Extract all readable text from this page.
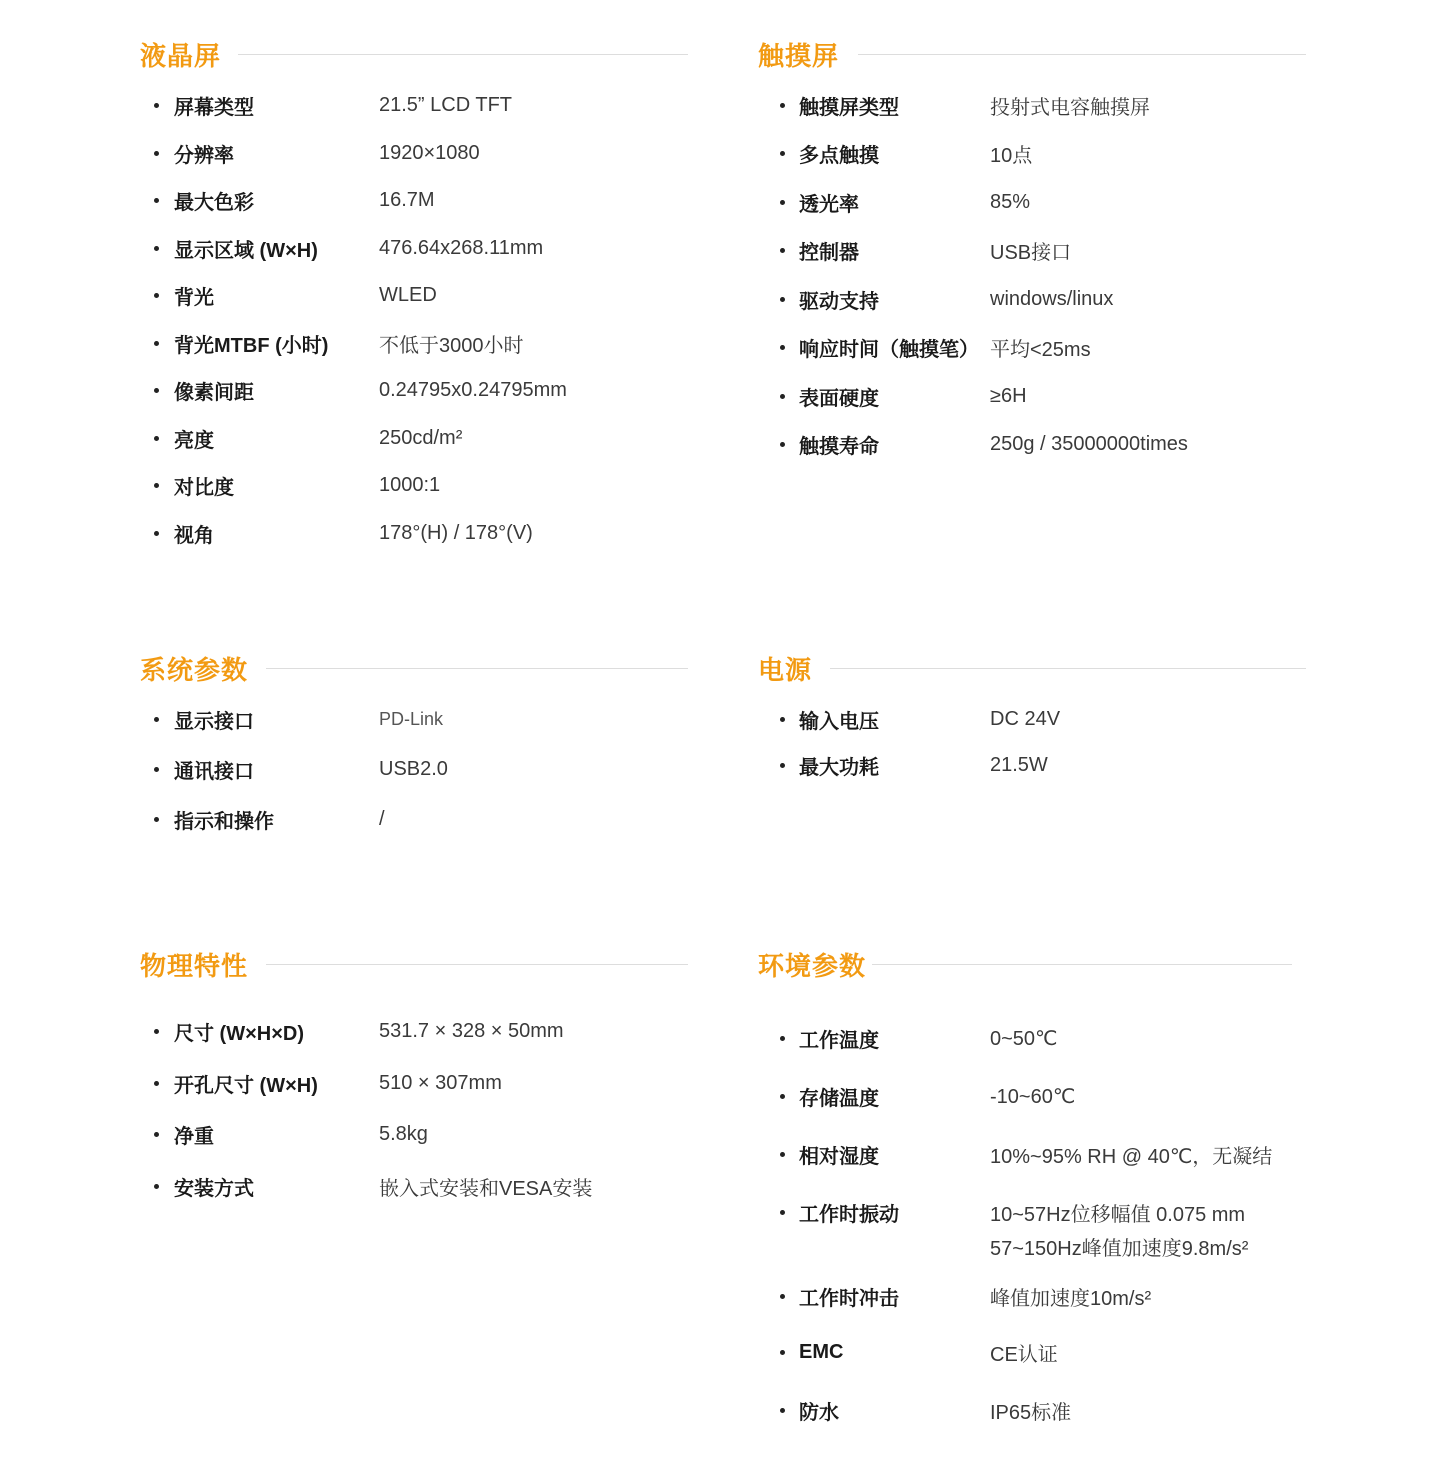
液晶屏
屏幕类型	21.5” LCD TFT
分辨率	1920×1080
最大色彩	16.7M
显示区域 (W×H)	476.64x268.11mm
背光	WLED
背光MTBF (小时)	不低于3000小时
像素间距	0.24795x0.24795mm
亮度	250cd/m²
对比度	1000:1
视角	178°(H) / 178°(V)
触摸屏
触摸屏类型	投射式电容触摸屏
多点触摸	10点
透光率	85%
控制器	USB接口
驱动支持	windows/linux
响应时间（触摸笔） 平均<25ms
表面硬度	≥6H
触摸寿命	250g / 35000000times
系统参数
显示接口	PD-Link
通讯接口	USB2.0
指示和操作	/
电源
输入电压	DC 24V
最大功耗	21.5W
物理特性
尺寸 (W×H×D)	531.7 × 328 × 50mm
开孔尺寸 (W×H)	510 × 307mm
净重	5.8kg
安装方式	嵌入式安装和VESA安装
环境参数
工作温度	0~50℃
存储温度	-10~60℃
相对湿度	10%~95% RH @ 40℃，无凝结
工作时振动	10~57Hz位移幅值 0.075 mm
57~150Hz峰值加速度9.8m/s²
工作时冲击	峰值加速度10m/s²
EMC	CE认证
防水	IP65标准
